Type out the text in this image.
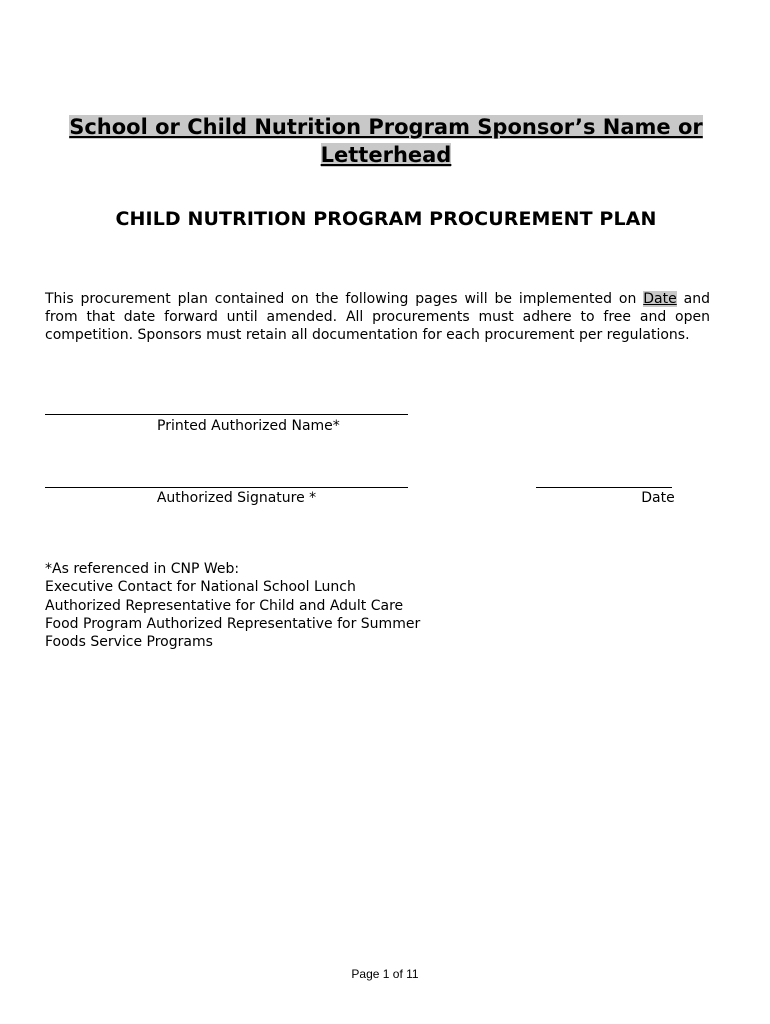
School or Child Nutrition Program Sponsor’s Name or
Letterhead
CHILD NUTRITION PROGRAM PROCUREMENT PLAN
This procurement plan contained on the following pages will be implemented on Date and from that date forward until amended. All procurements must adhere to free and open competition. Sponsors must retain all documentation for each procurement per regulations.
Printed Authorized Name*
Authorized Signature *	Date
*As referenced in CNP Web:
Executive Contact for National School Lunch
Authorized Representative for Child and Adult Care
Food Program Authorized Representative for Summer
Foods Service Programs
Page 1 of 11
